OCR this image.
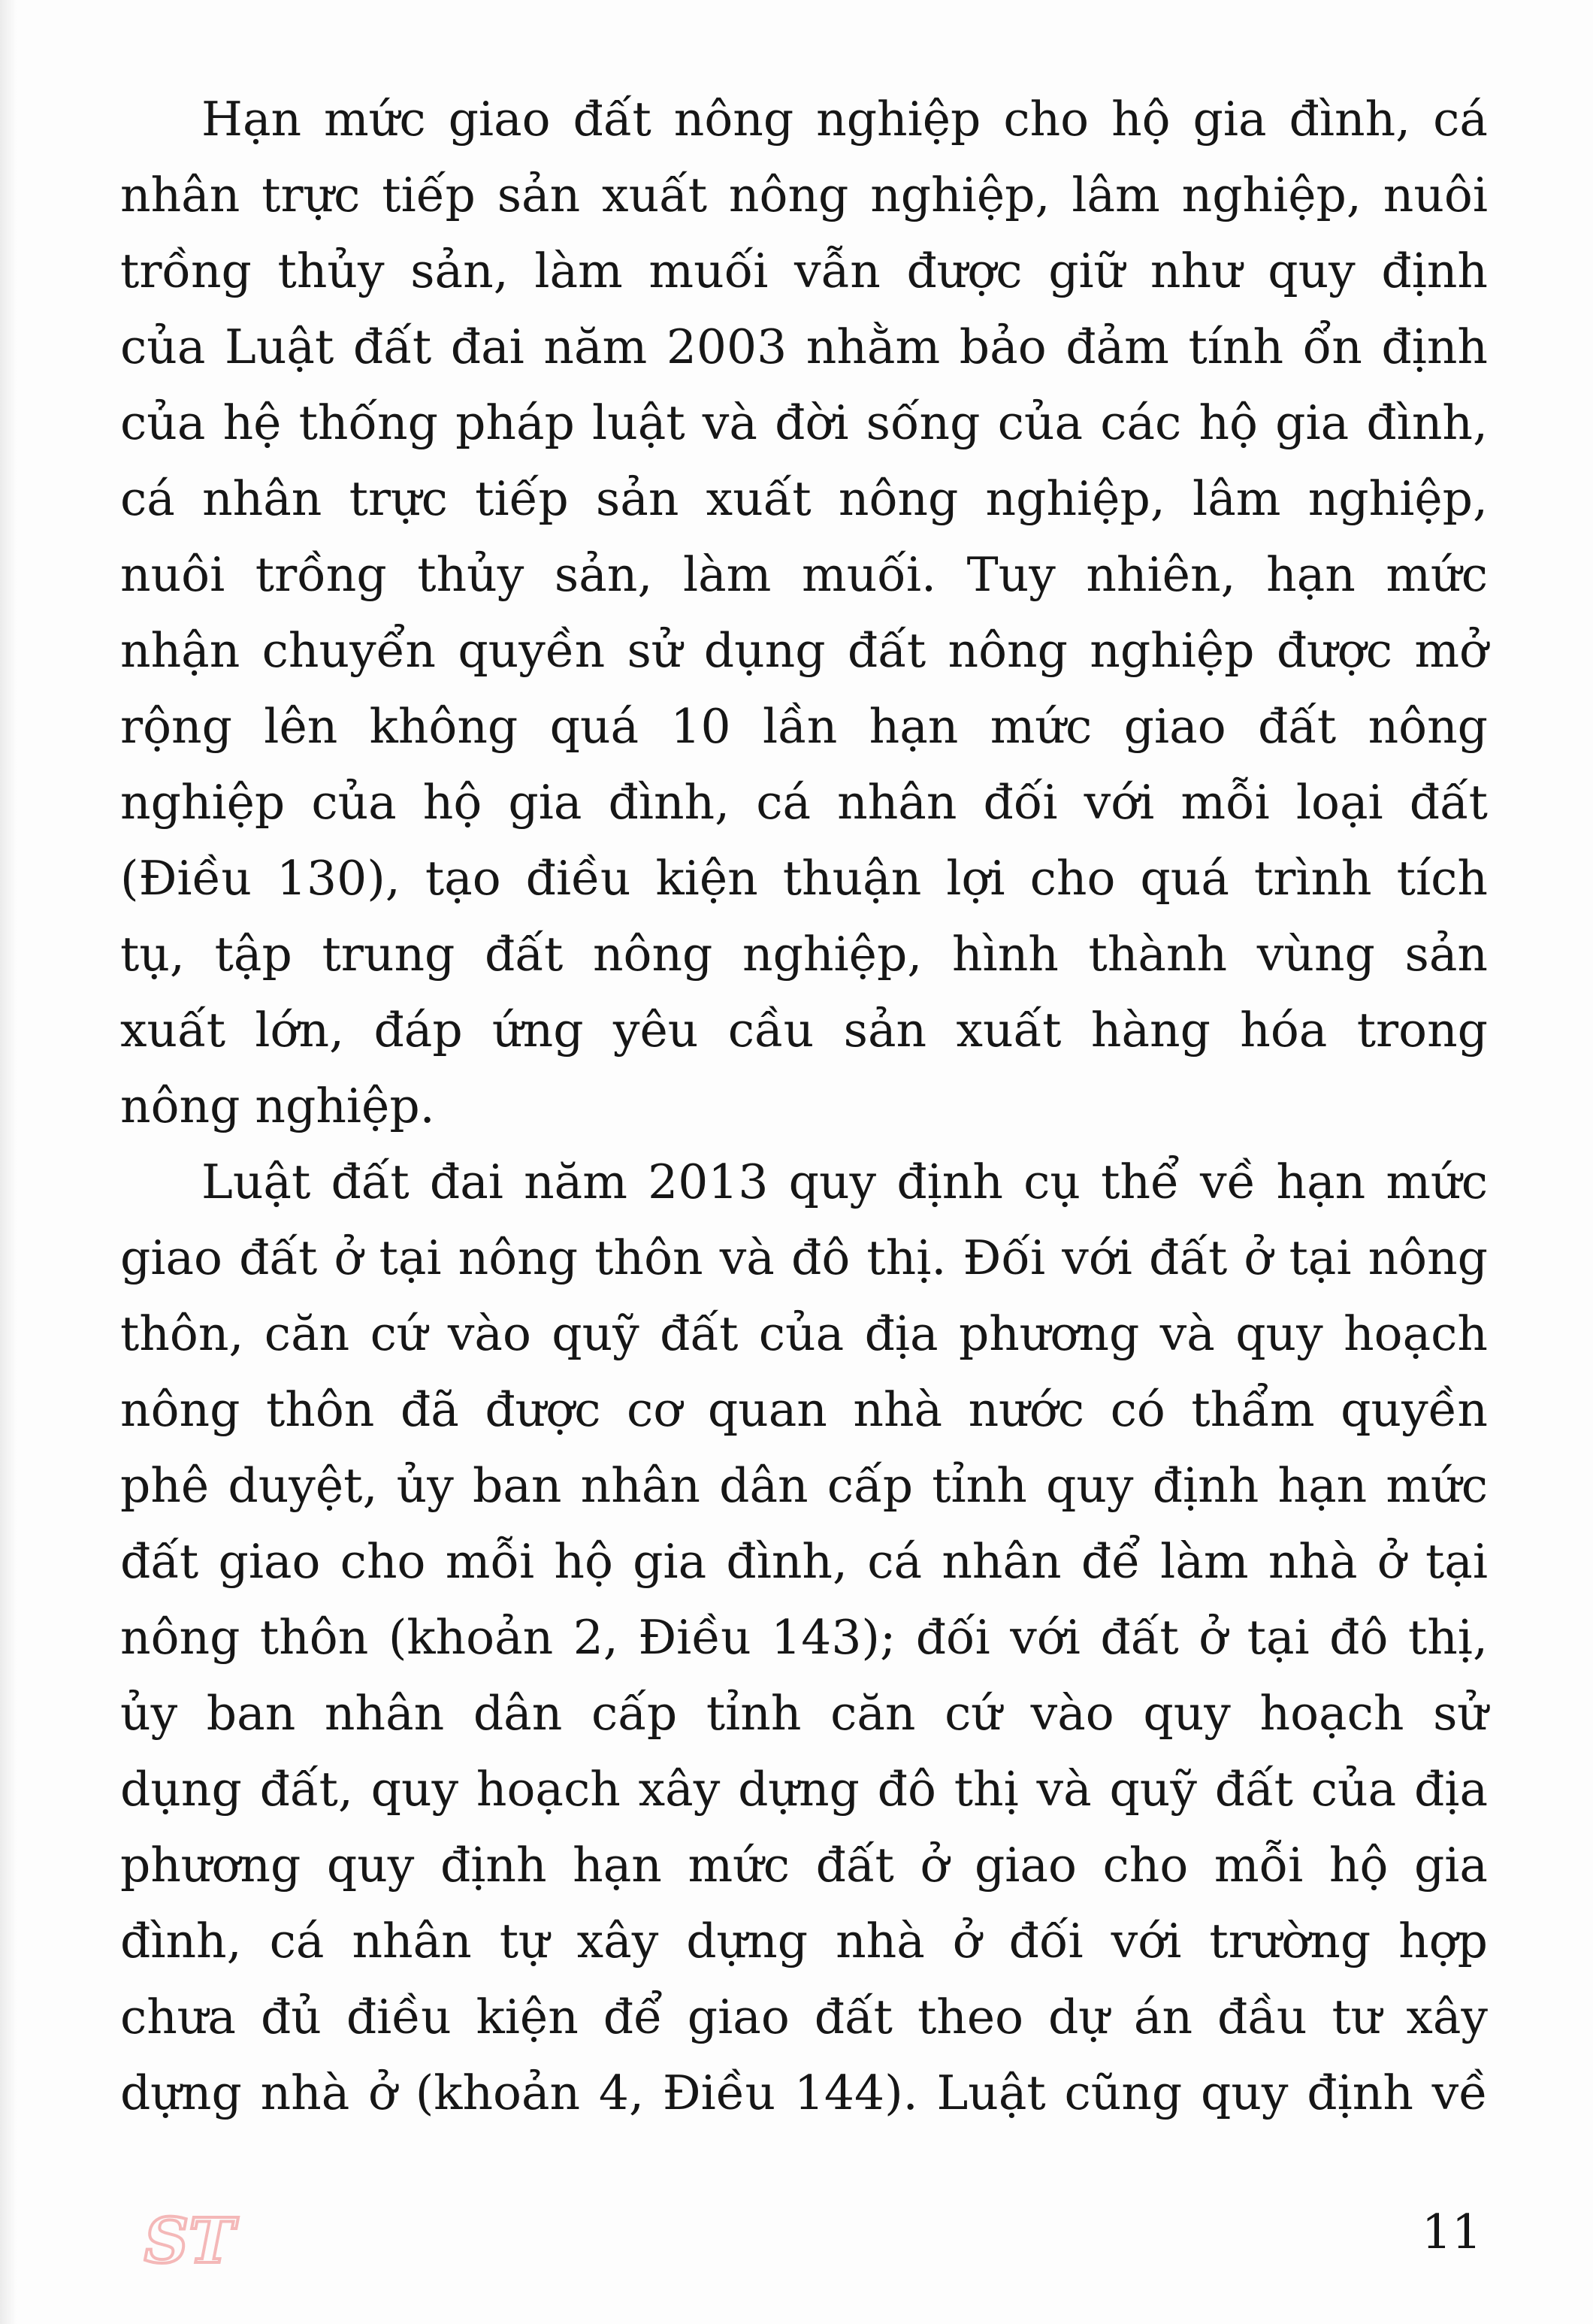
Hạn mức giao đất nông nghiệp cho hộ gia đình, cá
nhân trực tiếp sản xuất nông nghiệp, lâm nghiệp, nuôi
trồng thủy sản, làm muối vẫn được giữ như quy định
của Luật đất đai năm 2003 nhằm bảo đảm tính ổn định
của hệ thống pháp luật và đời sống của các hộ gia đình,
cá nhân trực tiếp sản xuất nông nghiệp, lâm nghiệp,
nuôi trồng thủy sản, làm muối. Tuy nhiên, hạn mức
nhận chuyển quyền sử dụng đất nông nghiệp được mở
rộng lên không quá 10 lần hạn mức giao đất nông
nghiệp của hộ gia đình, cá nhân đối với mỗi loại đất
(Điều 130), tạo điều kiện thuận lợi cho quá trình tích
tụ, tập trung đất nông nghiệp, hình thành vùng sản
xuất lớn, đáp ứng yêu cầu sản xuất hàng hóa trong
nông nghiệp.

Luật đất đai năm 2013 quy định cụ thể về hạn mức
giao đất ở tại nông thôn và đô thị. Đối với đất ở tại nông
thôn, căn cứ vào quỹ đất của địa phương và quy hoạch
nông thôn đã được cơ quan nhà nước có thẩm quyền
phê duyệt, ủy ban nhân dân cấp tỉnh quy định hạn mức
đất giao cho mỗi hộ gia đình, cá nhân để làm nhà ở tại
nông thôn (khoản 2, Điều 143); đối với đất ở tại đô thị,
ủy ban nhân dân cấp tỉnh căn cứ vào quy hoạch sử
dụng đất, quy hoạch xây dựng đô thị và quỹ đất của địa
phương quy định hạn mức đất ở giao cho mỗi hộ gia
đình, cá nhân tự xây dựng nhà ở đối với trường hợp
chưa đủ điều kiện để giao đất theo dự án đầu tư xây
dựng nhà ở (khoản 4, Điều 144). Luật cũng quy định về

ST	11
